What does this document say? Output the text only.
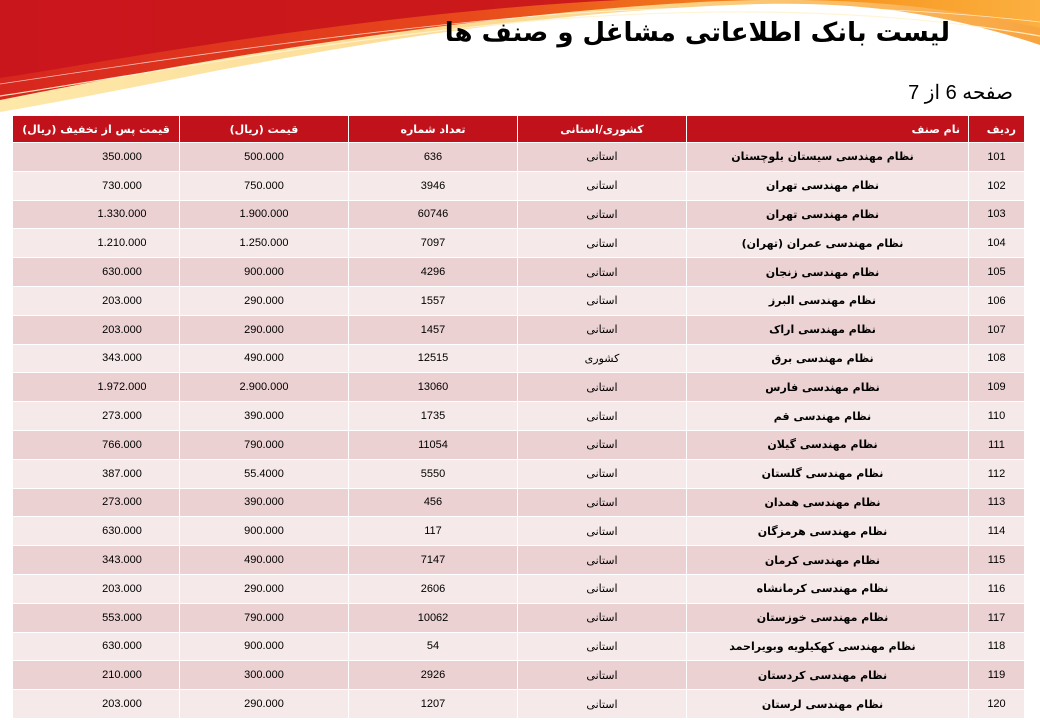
لیست بانک اطلاعاتی مشاغل و صنف ها
صفحه 6 از 7
ردیف	نام صنف	کشوری/استانی	تعداد شماره	قیمت (ریال)	قیمت پس از تخفیف (ریال)
101	نظام مهندسی سیستان بلوچستان	استانی	636	500.000	350.000
102	نظام مهندسی تهران	استانی	3946	750.000	730.000
103	نظام مهندسی تهران	استانی	60746	1.900.000	1.330.000
104	نظام مهندسی عمران (تهران)	استانی	7097	1.250.000	1.210.000
105	نظام مهندسی زنجان	استانی	4296	900.000	630.000
106	نظام مهندسی البرز	استانی	1557	290.000	203.000
107	نظام مهندسی اراک	استانی	1457	290.000	203.000
108	نظام مهندسی برق	کشوری	12515	490.000	343.000
109	نظام مهندسی فارس	استانی	13060	2.900.000	1.972.000
110	نظام مهندسی قم	استانی	1735	390.000	273.000
111	نظام مهندسی گیلان	استانی	11054	790.000	766.000
112	نظام مهندسی گلستان	استانی	5550	55.4000	387.000
113	نظام مهندسی همدان	استانی	456	390.000	273.000
114	نظام مهندسی هرمزگان	استانی	117	900.000	630.000
115	نظام مهندسی کرمان	استانی	7147	490.000	343.000
116	نظام مهندسی کرمانشاه	استانی	2606	290.000	203.000
117	نظام مهندسی خوزستان	استانی	10062	790.000	553.000
118	نظام مهندسی کهکیلویه وبویراحمد	استانی	54	900.000	630.000
119	نظام مهندسی کردستان	استانی	2926	300.000	210.000
120	نظام مهندسی لرستان	استانی	1207	290.000	203.000
